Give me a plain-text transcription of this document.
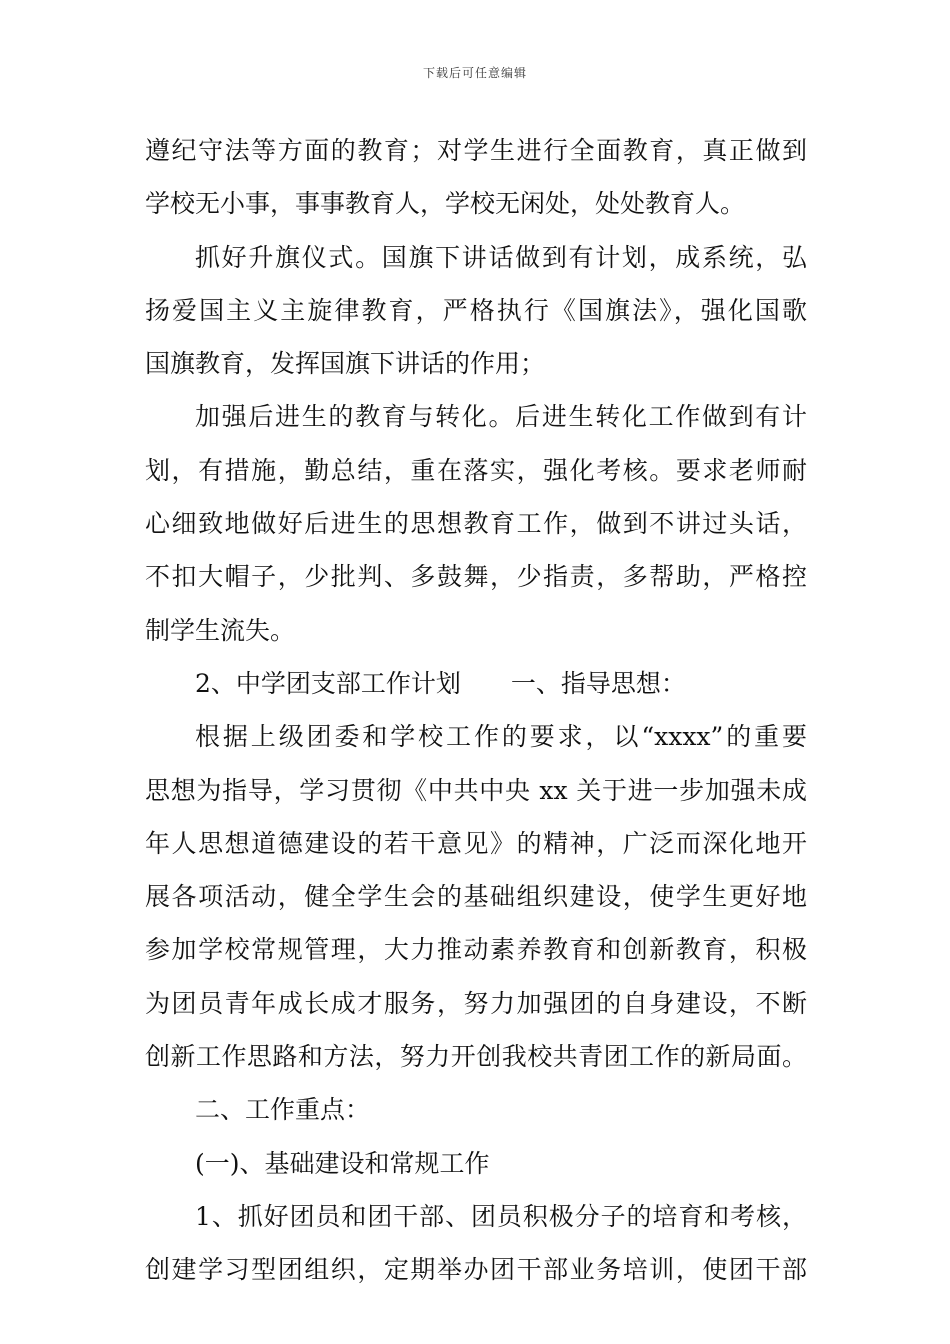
下载后可任意编辑
遵纪守法等方面的教育；对学生进行全面教育，真正做到
学校无小事，事事教育人，学校无闲处，处处教育人。
抓好升旗仪式。国旗下讲话做到有计划，成系统，弘
扬爱国主义主旋律教育，严格执行《国旗法》，强化国歌
国旗教育，发挥国旗下讲话的作用；
加强后进生的教育与转化。后进生转化工作做到有计
划，有措施，勤总结，重在落实，强化考核。要求老师耐
心细致地做好后进生的思想教育工作，做到不讲过头话，
不扣大帽子，少批判、多鼓舞，少指责，多帮助，严格控
制学生流失。
2、中学团支部工作计划　　一、指导思想：
根据上级团委和学校工作的要求，以“xxxx”的重要
思想为指导，学习贯彻《中共中央 xx 关于进一步加强未成
年人思想道德建设的若干意见》的精神，广泛而深化地开
展各项活动，健全学生会的基础组织建设，使学生更好地
参加学校常规管理，大力推动素养教育和创新教育，积极
为团员青年成长成才服务，努力加强团的自身建设，不断
创新工作思路和方法，努力开创我校共青团工作的新局面。
二、工作重点：
(一)、基础建设和常规工作
1、抓好团员和团干部、团员积极分子的培育和考核，
创建学习型团组织，定期举办团干部业务培训，使团干部
